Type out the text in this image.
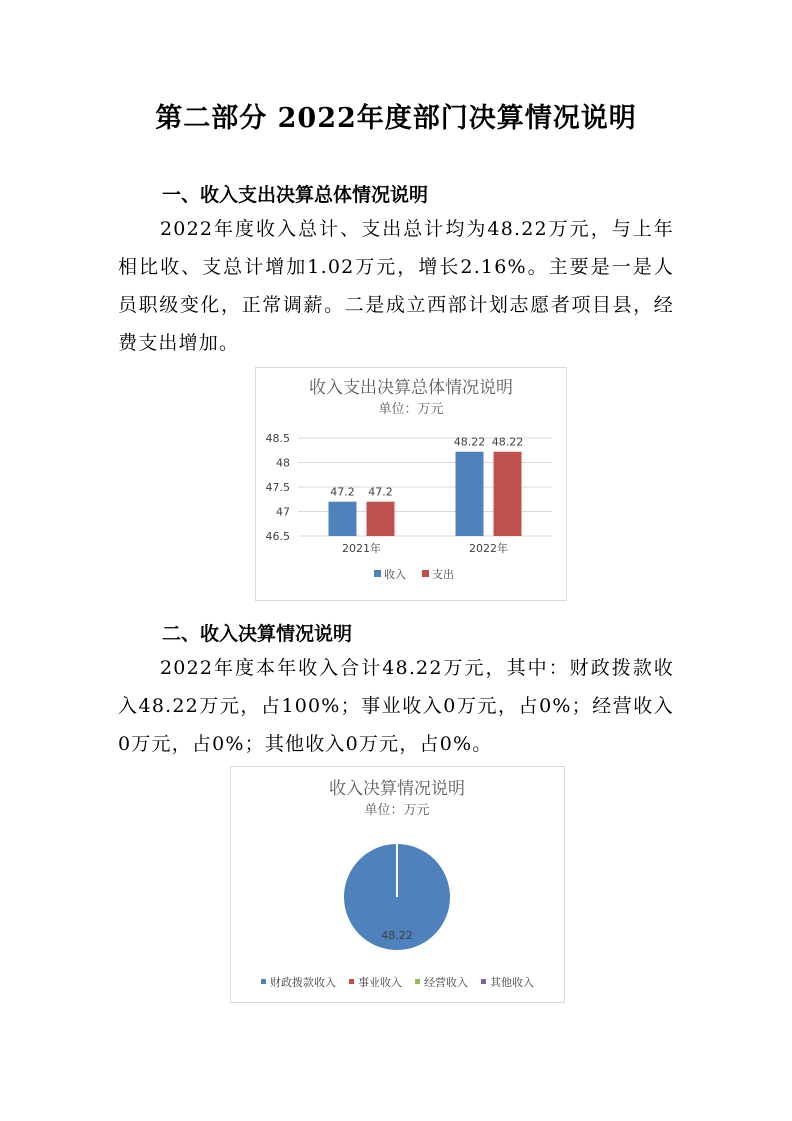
第二部分 2022年度部门决算情况说明
一、收入支出决算总体情况说明

2022年度收入总计、支出总计均为48.22万元，与上年相比收、支总计增加1.02万元，增长2.16%。主要是一是人员职级变化，正常调薪。二是成立西部计划志愿者项目县，经费支出增加。

收入支出决算总体情况说明
单位：万元
46.5
47
47.5
48
48.5
47.2 47.2
2021年
48.22 48.22
2022年
收入 支出
二、收入决算情况说明

2022年度本年收入合计48.22万元，其中：财政拨款收入48.22万元，占100%；事业收入0万元，占0%；经营收入0万元，占0%；其他收入0万元，占0%。

收入决算情况说明
单位：万元
48.22
财政拨款收入 事业收入 经营收入 其他收入
